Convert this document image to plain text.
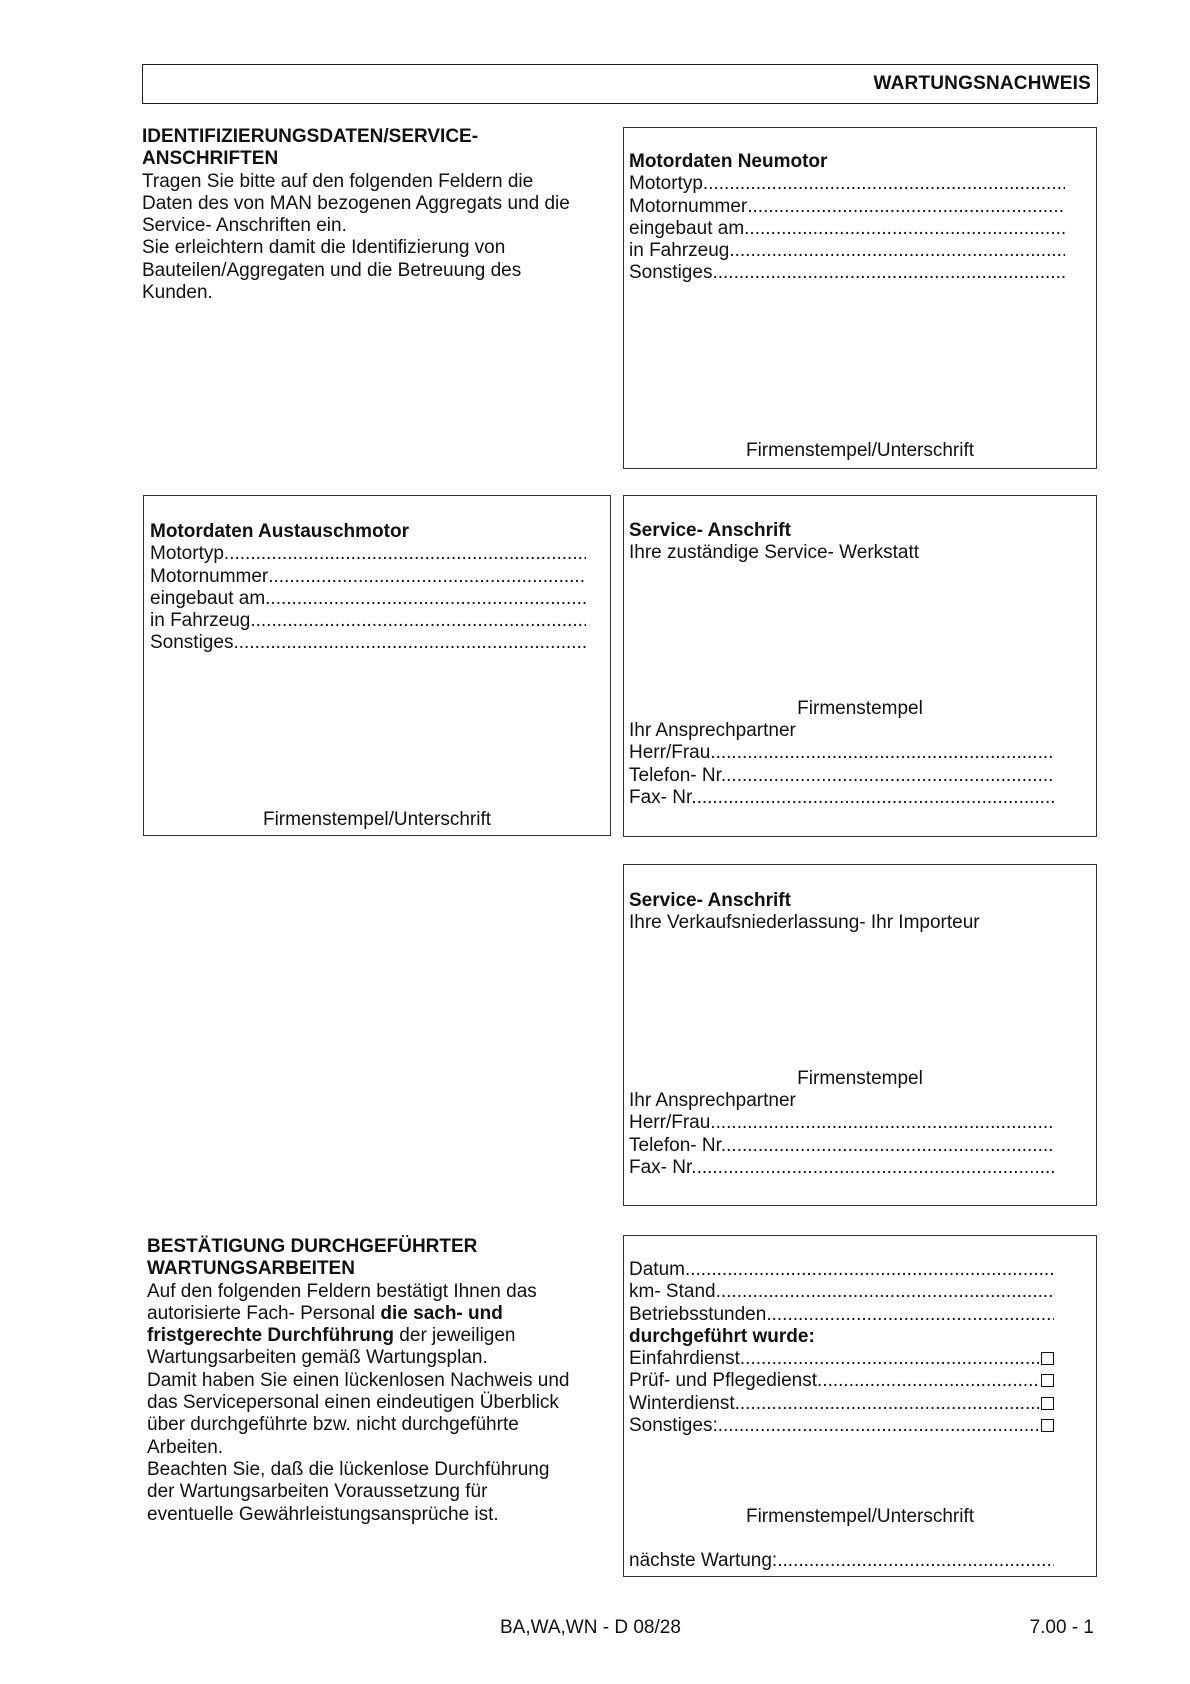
WARTUNGSNACHWEIS
IDENTIFIZIERUNGSDATEN/SERVICE-
ANSCHRIFTEN
Tragen Sie bitte auf den folgenden Feldern die
Daten des von MAN bezogenen Aggregats und die
Service- Anschriften ein.
Sie erleichtern damit die Identifizierung von
Bauteilen/Aggregaten und die Betreuung des
Kunden.
Motordaten Neumotor
Motortyp
.....
Motornummer
.....
eingebaut am
.....
in Fahrzeug
.....
Sonstiges
.....
Firmenstempel/Unterschrift
Motordaten Austauschmotor
Motortyp
.....
Motornummer
.....
eingebaut am
.....
in Fahrzeug
.....
Sonstiges
.....
Firmenstempel/Unterschrift
Service- Anschrift
Ihre zuständige Service- Werkstatt
Firmenstempel
Ihr Ansprechpartner
Herr/Frau
.....
Telefon- Nr.
.....
Fax- Nr.
.....
Service- Anschrift
Ihre Verkaufsniederlassung- Ihr Importeur
Firmenstempel
Ihr Ansprechpartner
Herr/Frau
.....
Telefon- Nr.
.....
Fax- Nr.
.....
BESTÄTIGUNG DURCHGEFÜHRTER
WARTUNGSARBEITEN
Auf den folgenden Feldern bestätigt Ihnen das
autorisierte Fach- Personal die sach- und
fristgerechte Durchführung der jeweiligen
Wartungsarbeiten gemäß Wartungsplan.
Damit haben Sie einen lückenlosen Nachweis und
das Servicepersonal einen eindeutigen Überblick
über durchgeführte bzw. nicht durchgeführte
Arbeiten.
Beachten Sie, daß die lückenlose Durchführung
der Wartungsarbeiten Voraussetzung für
eventuelle Gewährleistungsansprüche ist.
Datum
.....
km- Stand
.....
Betriebsstunden
.....
durchgeführt wurde:
Einfahrdienst
.....
Prüf- und Pflegedienst
.....
Winterdienst
.....
Sonstiges:
.....
Firmenstempel/Unterschrift
nächste Wartung:
.....
BA,WA,WN - D 08/28	7.00 - 1
